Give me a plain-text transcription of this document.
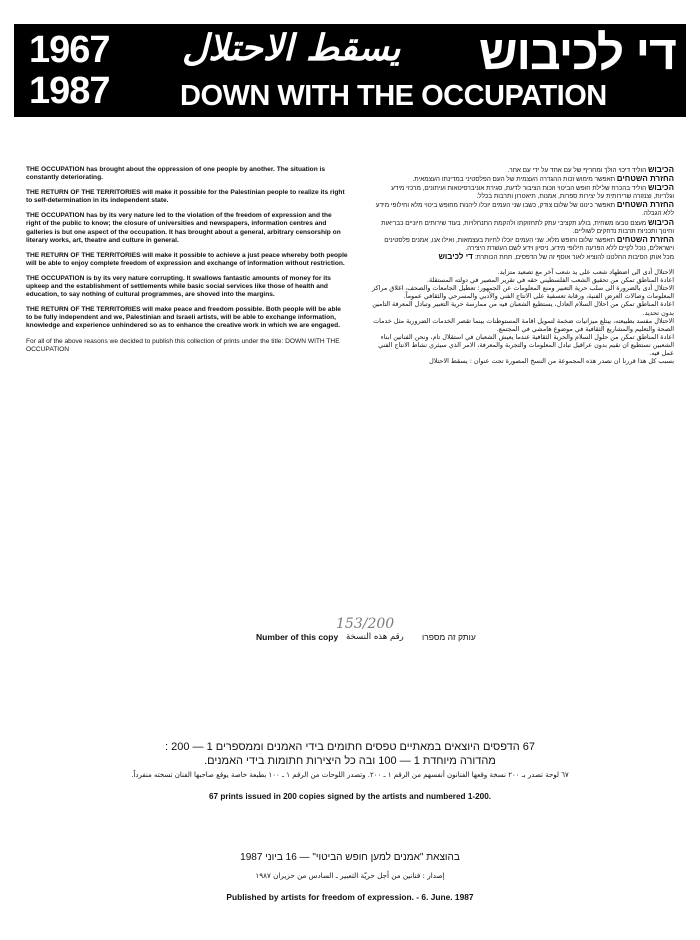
1967
1987
يسقط الاحتلال די לכיבוש
DOWN WITH THE OCCUPATION

THE OCCUPATION has brought about the oppression of one people by another. The situation is constantly deteriorating.

THE RETURN OF THE TERRITORIES will make it possible for the Palestinian people to realize its right to self-determination in its independent state.

THE OCCUPATION has by its very nature led to the violation of the freedom of expression and the right of the public to know; the closure of universities and newspapers, information centres and galleries is but one aspect of the occupation. It has brought about a general, arbitrary censorship on literary works, art, theatre and culture in general.

THE RETURN OF THE TERRITORIES will make it possible to achieve a just peace whereby both people will be able to enjoy complete freedom of expression and exchange of information without restriction.

THE OCCUPATION is by its very nature corrupting. It swallows fantastic amounts of money for its upkeep and the establishment of settlements while basic social services like those of health and education, to say nothing of cultural programmes, are shoved into the margins.

THE RETURN OF THE TERRITORIES will make peace and freedom possible. Both people will be able to be fully independent and we, Palestinian and Israeli artists, will be able to exchange information, knowledge and experience unhindered so as to enhance the creative work in which we are engaged.

For all of the above reasons we decided to publish this collection of prints under the title: DOWN WITH THE OCCUPATION

הכיבוש הוליד דיכוי הולך ומחריף של עם אחד על ידי עם אחר.

החזרת השטחים תאפשר מימוש זכות ההגדרה העצמית של העם הפלסטיני במדינתו העצמאית.

הכיבוש הוליד בהכרח שלילת חופש הביטוי וזכות הציבור לדעת, סגירת אוניברסיטאות ועיתונים, מרכזי מידע וגלריות, וצנזורה שרירותית על יצירות ספרות, אמנות, תיאטרון ותרבות בכלל.

החזרת השטחים תאפשר כינונו של שלום צודק, כשבו שני העמים יוכלו ליהנות מחופש ביטוי מלא וחילופי מידע ללא הגבלה.

הכיבוש מעצם טבעו משחית, בולע תקציבי עתק לתחזוקתו ולהקמת התנחלויות, בעוד שירותים חיוניים כבריאות וחינוך ותכניות תרבות נדחקים לשוליים.

החזרת השטחים תאפשר שלום וחופש מלא. שני העמים יוכלו לחיות בעצמאות, ואילו אנו, אמנים פלסטינים וישראלים, נוכל לקיים ללא הפרעה חילופי מידע, ניסיון וידע לשם העשרת היצירה.

מכל אותן הסיבות החלטנו להוציא לאור אוסף זה של הדפסים, תחת הכותרת: די לכיבוש

الاحتلال أدى الى اضطهاد شعب على يد شعب آخر مع تصعيد متزايد.

اعادة المناطق تمكن من تحقيق الشعب الفلسطيني حقه في تقرير المصير في دولته المستقلة.

الاحتلال أدى بالضرورة الى سلب حرية التعبير ومنع المعلومات عن الجمهور: تعطيل الجامعات والصحف، اغلاق مراكز المعلومات وصالات العرض الفنية، ورقابة تعسفية على الانتاج الفني والأدبي والمسرحي والثقافي عموماً.

اعادة المناطق تمكن من احلال السلام العادل، يستطيع الشعبان فيه من ممارسة حرية التعبير وتبادل المعرفة التامين بدون تحديد.

الاحتلال مفسد بطبيعته، يبتلع ميزانيات ضخمة لتمويل اقامة المستوطنات بينما تقصر الخدمات الضرورية مثل خدمات الصحة والتعليم والمشاريع الثقافية في موضوع هامشي في المجتمع.

اعادة المناطق تمكن من حلول السلام والحرية الثقافية عندما يعيش الشعبان في استقلال تام، ونحن الفنانين ابناء الشعبين نستطيع ان نقيم بدون عراقيل تبادل المعلومات والتجربة والمعرفة، الامر الذي سيثري نشاط الانتاج الفني عمل فيه.

بسبب كل هذا قررنا ان نصدر هذه المجموعة من النسخ المصورة تحت عنوان : يسقط الاحتلال

153/200
Number of this copy رقم هذه النسخة עותק זה מספרו
67 הדפסים היוצאים במאתיים טפסים חתומים בידי האמנים וממספרים 1 — 200 :
מהדורה מיוחדת 1 — 100 ובה כל היצירות חתומות בידי האמנים.
٦٧ لوحة تصدر بـ ٢٠٠ نسخة وقعها الفنانون أنفسهم من الرقم ١ ـ ٢٠٠. وتصدر اللوحات من الرقم ١ ـ ١٠٠ بطبعة خاصة يوقع صاحبها الفنان نسخته منفرداً.
67 prints issued in 200 copies signed by the artists and numbered 1-200.
בהוצאת "אמנים למען חופש הביטוי" — 16 ביוני 1987
إصدار : فنانين من أجل حريّة التعبير ـ السادس من حزيران ١٩٨٧
Published by artists for freedom of expression. - 6. June. 1987
